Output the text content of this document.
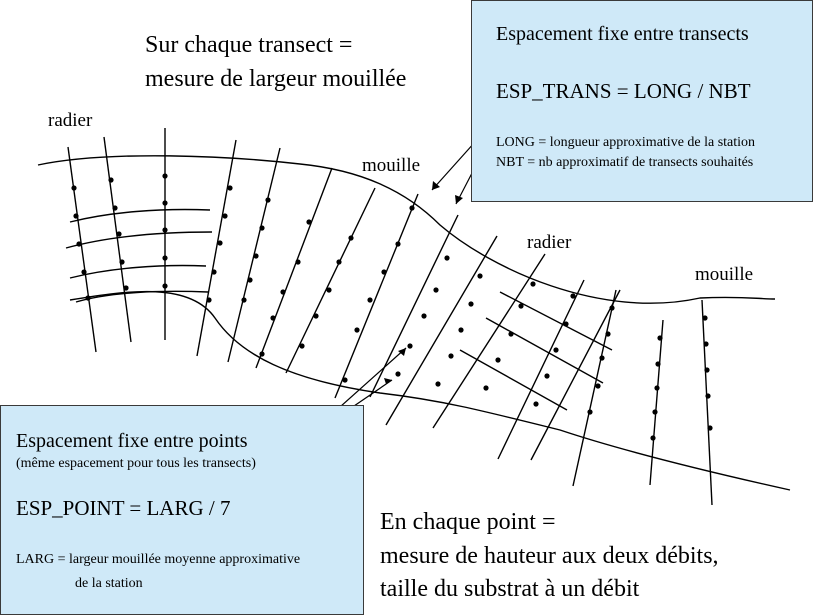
Sur chaque transect =
mesure de largeur mouillée
radier
mouille
radier
mouille
Espacement fixe entre transects
ESP_TRANS = LONG / NBT
LONG = longueur approximative de la station
NBT = nb approximatif de transects souhaités
Espacement fixe entre points
(même espacement pour tous les transects)
ESP_POINT = LARG / 7
LARG = largeur mouillée moyenne approximative
de la station
En chaque point =
mesure de hauteur aux deux débits,
taille du substrat à un débit
